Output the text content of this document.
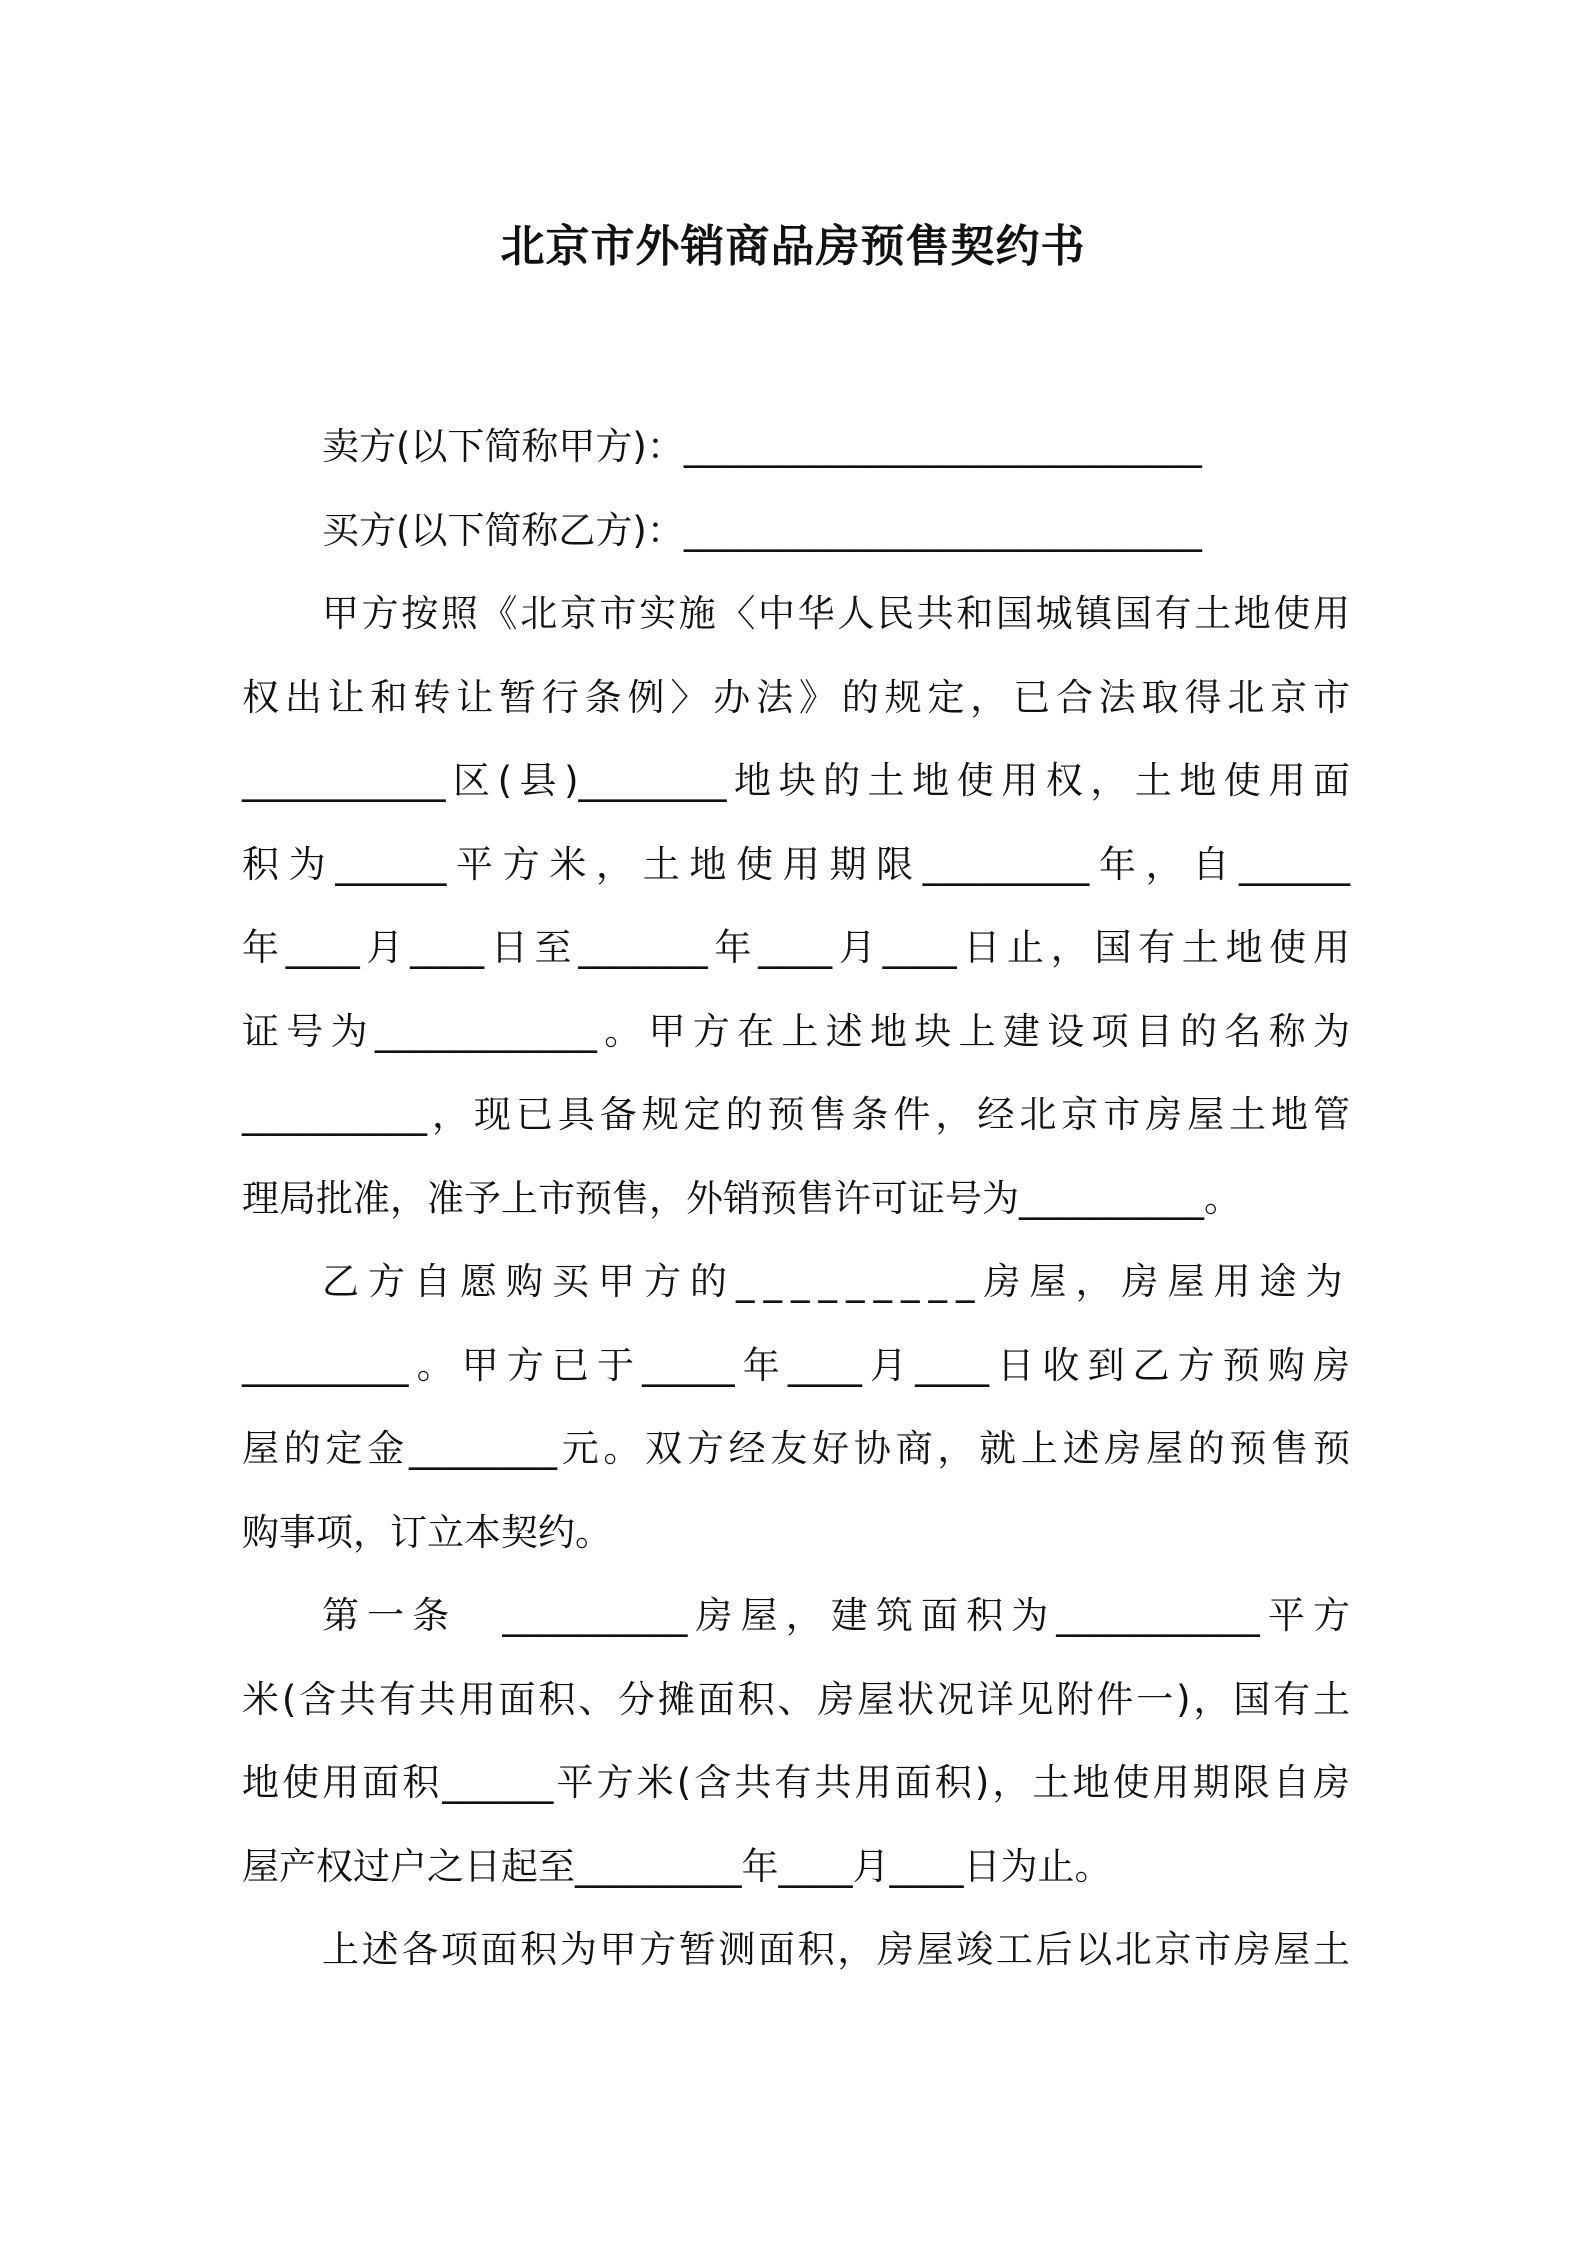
北京市外销商品房预售契约书
卖方(以下简称甲方)：____________________________
买方(以下简称乙方)：____________________________
甲方按照《北京市实施〈中华人民共和国城镇国有土地使用
权出让和转让暂行条例〉办法》的规定，已合法取得北京市
___________区(县)________地块的土地使用权，土地使用面
积为______平方米，土地使用期限_________年，自______
年____月____日至_______年____月____日止，国有土地使用
证号为____________。甲方在上述地块上建设项目的名称为
__________，现已具备规定的预售条件，经北京市房屋土地管
理局批准，准予上市预售，外销预售许可证号为__________。
乙方自愿购买甲方的_________房屋，房屋用途为
_________。甲方已于_____年____月____日收到乙方预购房
屋的定金________元。双方经友好协商，就上述房屋的预售预
购事项，订立本契约。
第一条　__________房屋，建筑面积为___________平方
米(含共有共用面积、分摊面积、房屋状况详见附件一)，国有土
地使用面积______平方米(含共有共用面积)，土地使用期限自房
屋产权过户之日起至_________年____月____日为止。
上述各项面积为甲方暂测面积，房屋竣工后以北京市房屋土
